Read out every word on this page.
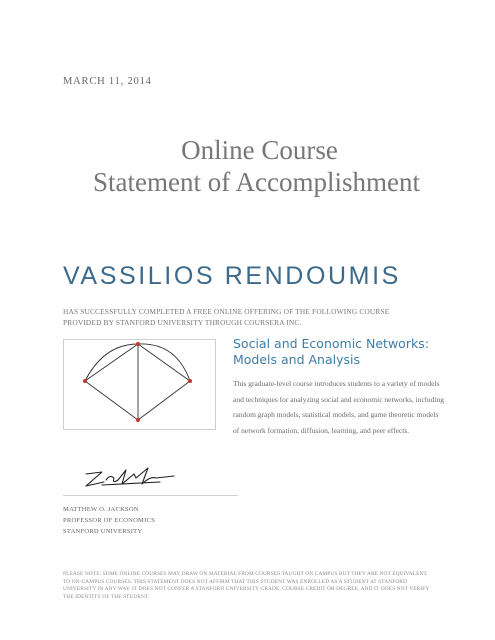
MARCH 11, 2014
Online Course
Statement of Accomplishment
VASSILIOS RENDOUMIS
HAS SUCCESSFULLY COMPLETED A FREE ONLINE OFFERING OF THE FOLLOWING COURSE PROVIDED BY STANFORD UNIVERSITY THROUGH COURSERA INC.
Social and Economic Networks: Models and Analysis
This graduate-level course introduces students to a variety of models and techniques for analyzing social and economic networks, including random graph models, statistical models, and game theoretic models of network formation, diffusion, learning, and peer effects.
MATTHEW O. JACKSON
PROFESSOR OF ECONOMICS
STANFORD UNIVERSITY
PLEASE NOTE: SOME ONLINE COURSES MAY DRAW ON MATERIAL FROM COURSES TAUGHT ON CAMPUS BUT THEY ARE NOT EQUIVALENT TO ON-CAMPUS COURSES. THIS STATEMENT DOES NOT AFFIRM THAT THIS STUDENT WAS ENROLLED AS A STUDENT AT STANFORD UNIVERSITY IN ANY WAY. IT DOES NOT CONFER A STANFORD UNIVERSITY GRADE, COURSE CREDIT OR DEGREE, AND IT DOES NOT VERIFY THE IDENTITY OF THE STUDENT.
